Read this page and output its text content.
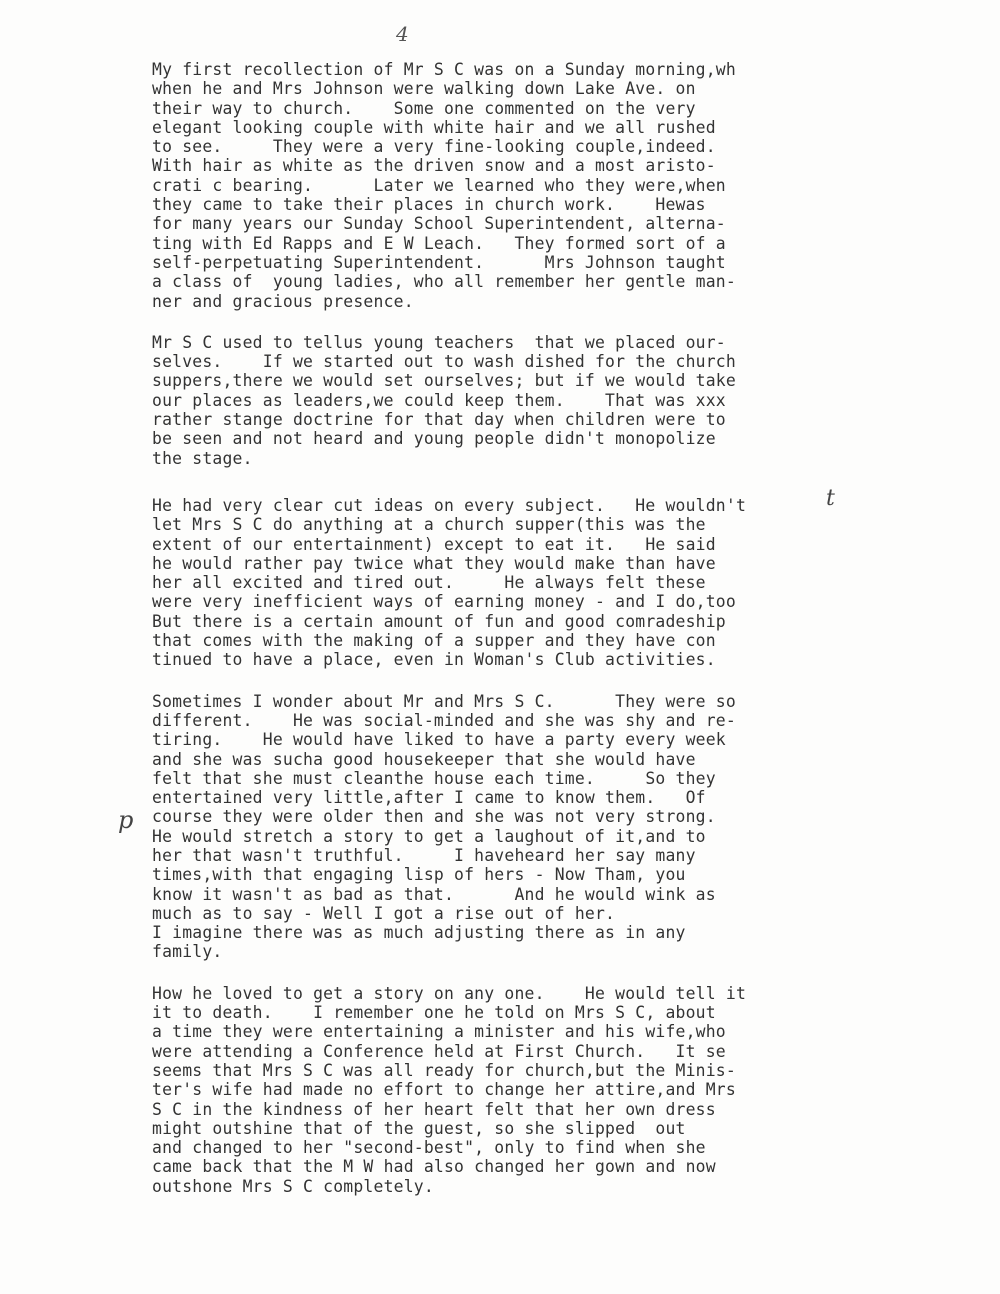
4

My first recollection of Mr S C was on a Sunday morning,wh
when he and Mrs Johnson were walking down Lake Ave. on
their way to church.    Some one commented on the very
elegant looking couple with white hair and we all rushed
to see.     They were a very fine-looking couple,indeed.
With hair as white as the driven snow and a most aristo-
crati c bearing.      Later we learned who they were,when
they came to take their places in church work.    Hewas
for many years our Sunday School Superintendent, alterna-
ting with Ed Rapps and E W Leach.   They formed sort of a
self-perpetuating Superintendent.      Mrs Johnson taught
a class of  young ladies, who all remember her gentle man-
ner and gracious presence.

Mr S C used to tellus young teachers  that we placed our-
selves.    If we started out to wash dished for the church
suppers,there we would set ourselves; but if we would take
our places as leaders,we could keep them.    That was xxx
rather stange doctrine for that day when children were to
be seen and not heard and young people didn't monopolize
the stage.

He had very clear cut ideas on every subject.   He wouldn't
let Mrs S C do anything at a church supper(this was the
extent of our entertainment) except to eat it.   He said
he would rather pay twice what they would make than have
her all excited and tired out.     He always felt these
were very inefficient ways of earning money - and I do,too
But there is a certain amount of fun and good comradeship
that comes with the making of a supper and they have con
tinued to have a place, even in Woman's Club activities.

Sometimes I wonder about Mr and Mrs S C.      They were so
different.    He was social-minded and she was shy and re-
tiring.    He would have liked to have a party every week
and she was sucha good housekeeper that she would have
felt that she must cleanthe house each time.     So they
entertained very little,after I came to know them.   Of
course they were older then and she was not very strong.
He would stretch a story to get a laughout of it,and to
her that wasn't truthful.     I haveheard her say many
times,with that engaging lisp of hers - Now Tham, you
know it wasn't as bad as that.      And he would wink as
much as to say - Well I got a rise out of her.
I imagine there was as much adjusting there as in any
family.

How he loved to get a story on any one.    He would tell it
it to death.    I remember one he told on Mrs S C, about
a time they were entertaining a minister and his wife,who
were attending a Conference held at First Church.   It se
seems that Mrs S C was all ready for church,but the Minis-
ter's wife had made no effort to change her attire,and Mrs
S C in the kindness of her heart felt that her own dress
might outshine that of the guest, so she slipped  out
and changed to her "second-best", only to find when she
came back that the M W had also changed her gown and now
outshone Mrs S C completely.

p
t
